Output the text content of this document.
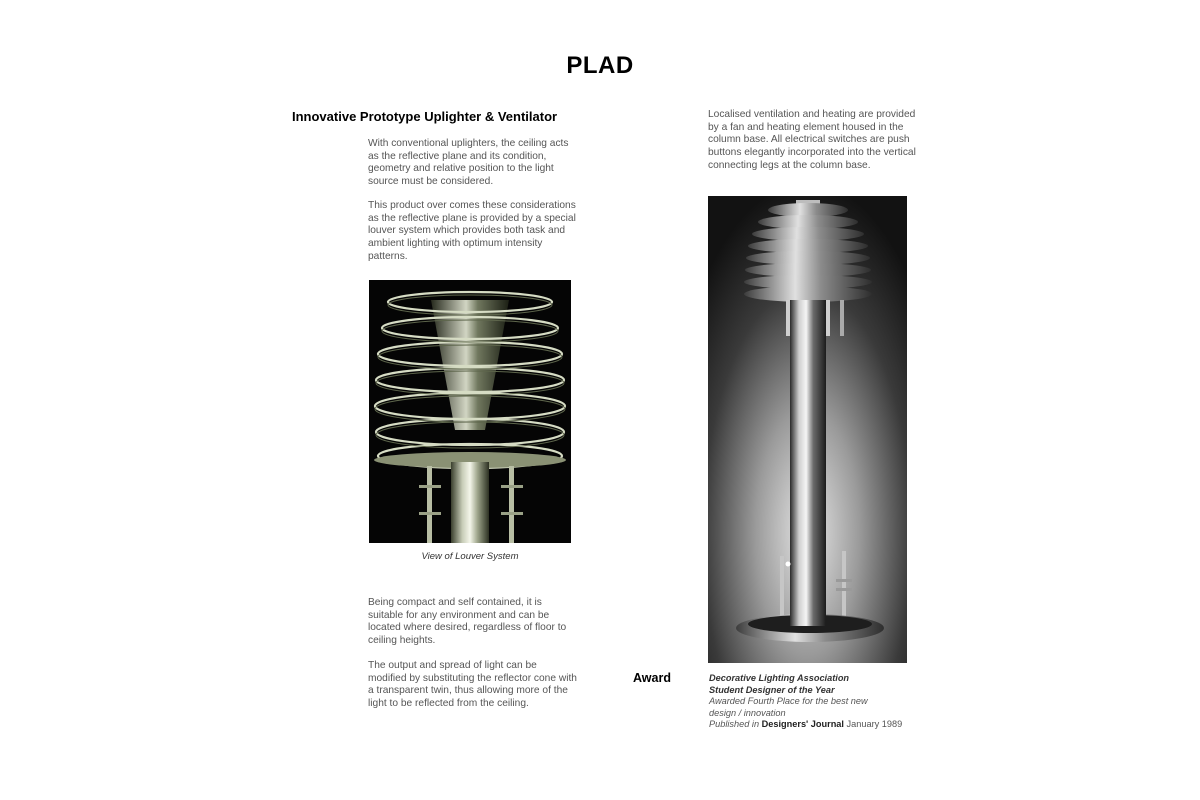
PLAD
Innovative Prototype Uplighter & Ventilator
With conventional uplighters, the ceiling acts as the reflective plane and its condition, geometry and relative position to the light source must be considered.
This product over comes these considerations as the reflective plane is provided by a special louver system which provides both task and ambient lighting with optimum intensity patterns.
View of Louver System
Being compact and self contained, it is suitable for any environment and can be located where desired, regardless of floor to ceiling heights.
The output and spread of light can be modified by substituting the reflector cone with a transparent twin, thus allowing more of the light to be reflected from the ceiling.
Localised ventilation and heating are provided by a fan and heating element housed in the column base. All electrical switches are push buttons elegantly incorporated into the vertical connecting legs at the column base.
Award	Decorative Lighting Association
Student Designer of the Year
Awarded Fourth Place for the best new design / innovation
Published in Designers' Journal January 1989
